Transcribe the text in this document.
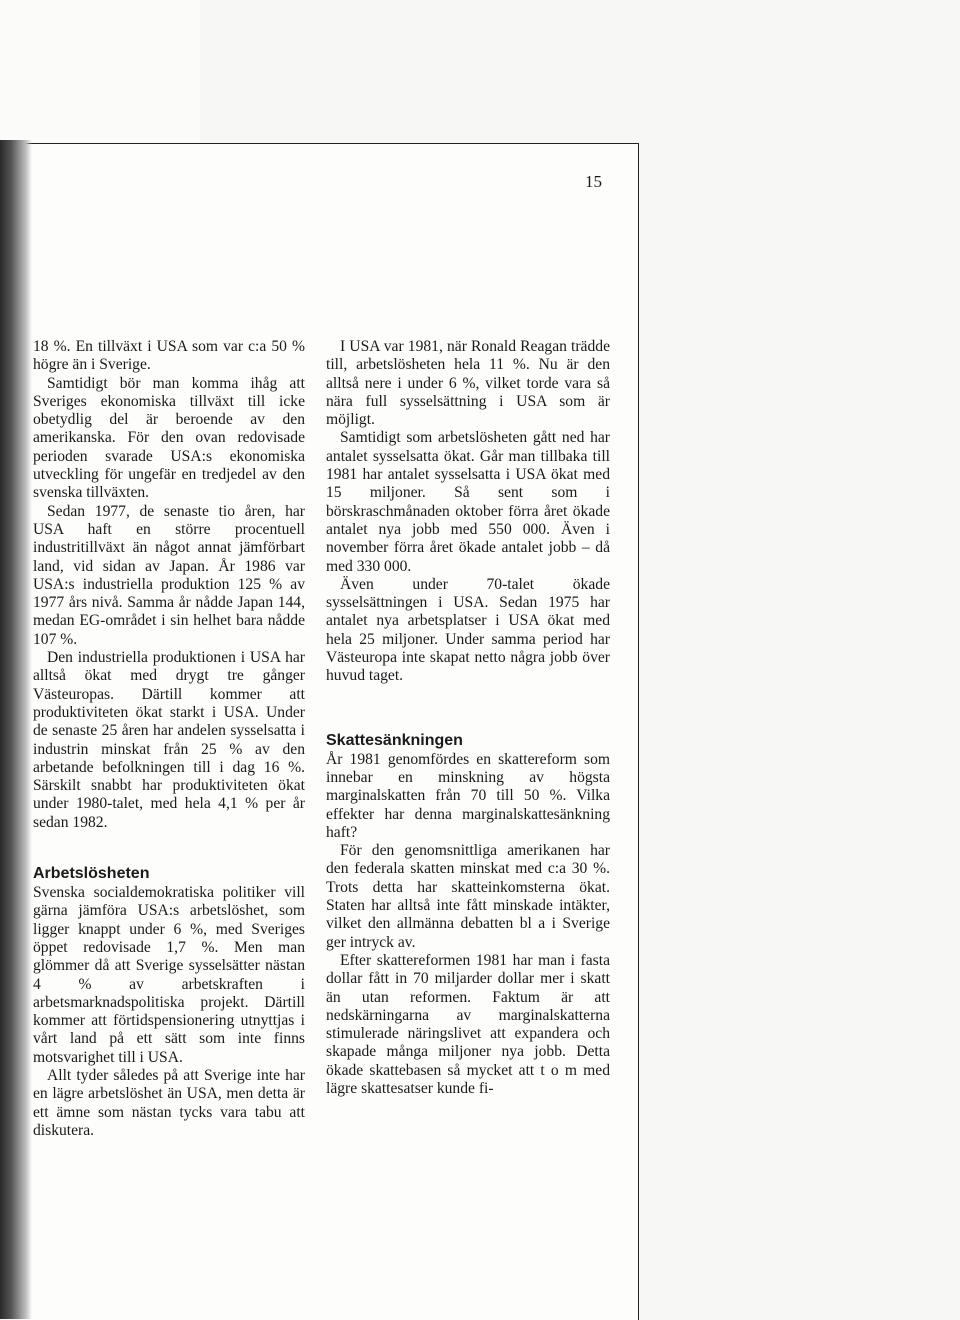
15

18 %. En tillväxt i USA som var c:a 50 % högre än i Sverige.

Samtidigt bör man komma ihåg att Sveriges ekonomiska tillväxt till icke obetydlig del är beroende av den amerikanska. För den ovan redovisade perioden svarade USA:s ekonomiska utveckling för ungefär en tredjedel av den svenska tillväxten.

Sedan 1977, de senaste tio åren, har USA haft en större procentuell industritillväxt än något annat jämförbart land, vid sidan av Japan. År 1986 var USA:s industriella produktion 125 % av 1977 års nivå. Samma år nådde Japan 144, medan EG-området i sin helhet bara nådde 107 %.

Den industriella produktionen i USA har alltså ökat med drygt tre gånger Västeuropas. Därtill kommer att produktiviteten ökat starkt i USA. Under de senaste 25 åren har andelen sysselsatta i industrin minskat från 25 % av den arbetande befolkningen till i dag 16 %. Särskilt snabbt har produktiviteten ökat under 1980-talet, med hela 4,1 % per år sedan 1982.

Arbetslösheten

Svenska socialdemokratiska politiker vill gärna jämföra USA:s arbetslöshet, som ligger knappt under 6 %, med Sveriges öppet redovisade 1,7 %. Men man glömmer då att Sverige sysselsätter nästan 4 % av arbetskraften i arbetsmarknadspolitiska projekt. Därtill kommer att förtidspensionering utnyttjas i vårt land på ett sätt som inte finns motsvarighet till i USA.

Allt tyder således på att Sverige inte har en lägre arbetslöshet än USA, men detta är ett ämne som nästan tycks vara tabu att diskutera.

I USA var 1981, när Ronald Reagan trädde till, arbetslösheten hela 11 %. Nu är den alltså nere i under 6 %, vilket torde vara så nära full sysselsättning i USA som är möjligt.

Samtidigt som arbetslösheten gått ned har antalet sysselsatta ökat. Går man tillbaka till 1981 har antalet sysselsatta i USA ökat med 15 miljoner. Så sent som i börskraschmånaden oktober förra året ökade antalet nya jobb med 550 000. Även i november förra året ökade antalet jobb – då med 330 000.

Även under 70-talet ökade sysselsättningen i USA. Sedan 1975 har antalet nya arbetsplatser i USA ökat med hela 25 miljoner. Under samma period har Västeuropa inte skapat netto några jobb över huvud taget.

Skattesänkningen

År 1981 genomfördes en skattereform som innebar en minskning av högsta marginalskatten från 70 till 50 %. Vilka effekter har denna marginalskattesänkning haft?

För den genomsnittliga amerikanen har den federala skatten minskat med c:a 30 %. Trots detta har skatteinkomsterna ökat. Staten har alltså inte fått minskade intäkter, vilket den allmänna debatten bl a i Sverige ger intryck av.

Efter skattereformen 1981 har man i fasta dollar fått in 70 miljarder dollar mer i skatt än utan reformen. Faktum är att nedskärningarna av marginalskatterna stimulerade näringslivet att expandera och skapade många miljoner nya jobb. Detta ökade skattebasen så mycket att t o m med lägre skattesatser kunde fi-
